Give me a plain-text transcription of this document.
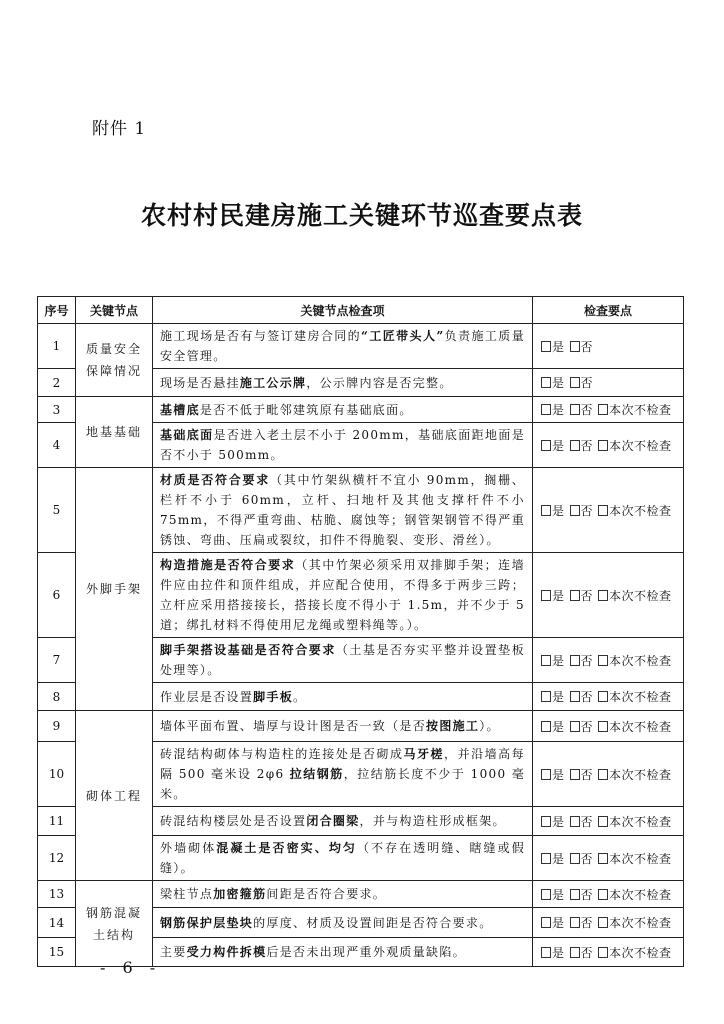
附件 1
农村村民建房施工关键环节巡查要点表
序号	关键节点	关键节点检查项	检查要点
1	质量安全保障情况	施工现场是否有与签订建房合同的“工匠带头人”负责施工质量安全管理。	是 否
2		现场是否悬挂施工公示牌，公示牌内容是否完整。	是 否
3	地基基础	基槽底是否不低于毗邻建筑原有基础底面。	是 否 本次不检查
4		基础底面是否进入老土层不小于 200mm，基础底面距地面是否不小于 500mm。	是 否 本次不检查
5	外脚手架	材质是否符合要求（其中竹架纵横杆不宜小 90mm，搁栅、栏杆不小于 60mm，立杆、扫地杆及其他支撑杆件不小 75mm，不得严重弯曲、枯脆、腐蚀等；钢管架钢管不得严重锈蚀、弯曲、压扁或裂纹，扣件不得脆裂、变形、滑丝）。	是 否 本次不检查
6		构造措施是否符合要求（其中竹架必须采用双排脚手架；连墙件应由拉件和顶件组成，并应配合使用，不得多于两步三跨；立杆应采用搭接接长，搭接长度不得小于 1.5m，并不少于 5 道；绑扎材料不得使用尼龙绳或塑料绳等。）。	是 否 本次不检查
7		脚手架搭设基础是否符合要求（土基是否夯实平整并设置垫板处理等）。	是 否 本次不检查
8		作业层是否设置脚手板。	是 否 本次不检查
9	砌体工程	墙体平面布置、墙厚与设计图是否一致（是否按图施工）。	是 否 本次不检查
10		砖混结构砌体与构造柱的连接处是否砌成马牙槎，并沿墙高每隔 500 毫米设 2φ6 拉结钢筋，拉结筋长度不少于 1000 毫米。	是 否 本次不检查
11		砖混结构楼层处是否设置闭合圈梁，并与构造柱形成框架。	是 否 本次不检查
12		外墙砌体混凝土是否密实、均匀（不存在透明缝、瞎缝或假缝）。	是 否 本次不检查
13	钢筋混凝土结构	梁柱节点加密箍筋间距是否符合要求。	是 否 本次不检查
14		钢筋保护层垫块的厚度、材质及设置间距是否符合要求。	是 否 本次不检查
15		主要受力构件拆模后是否未出现严重外观质量缺陷。	是 否 本次不检查
- 6 -
